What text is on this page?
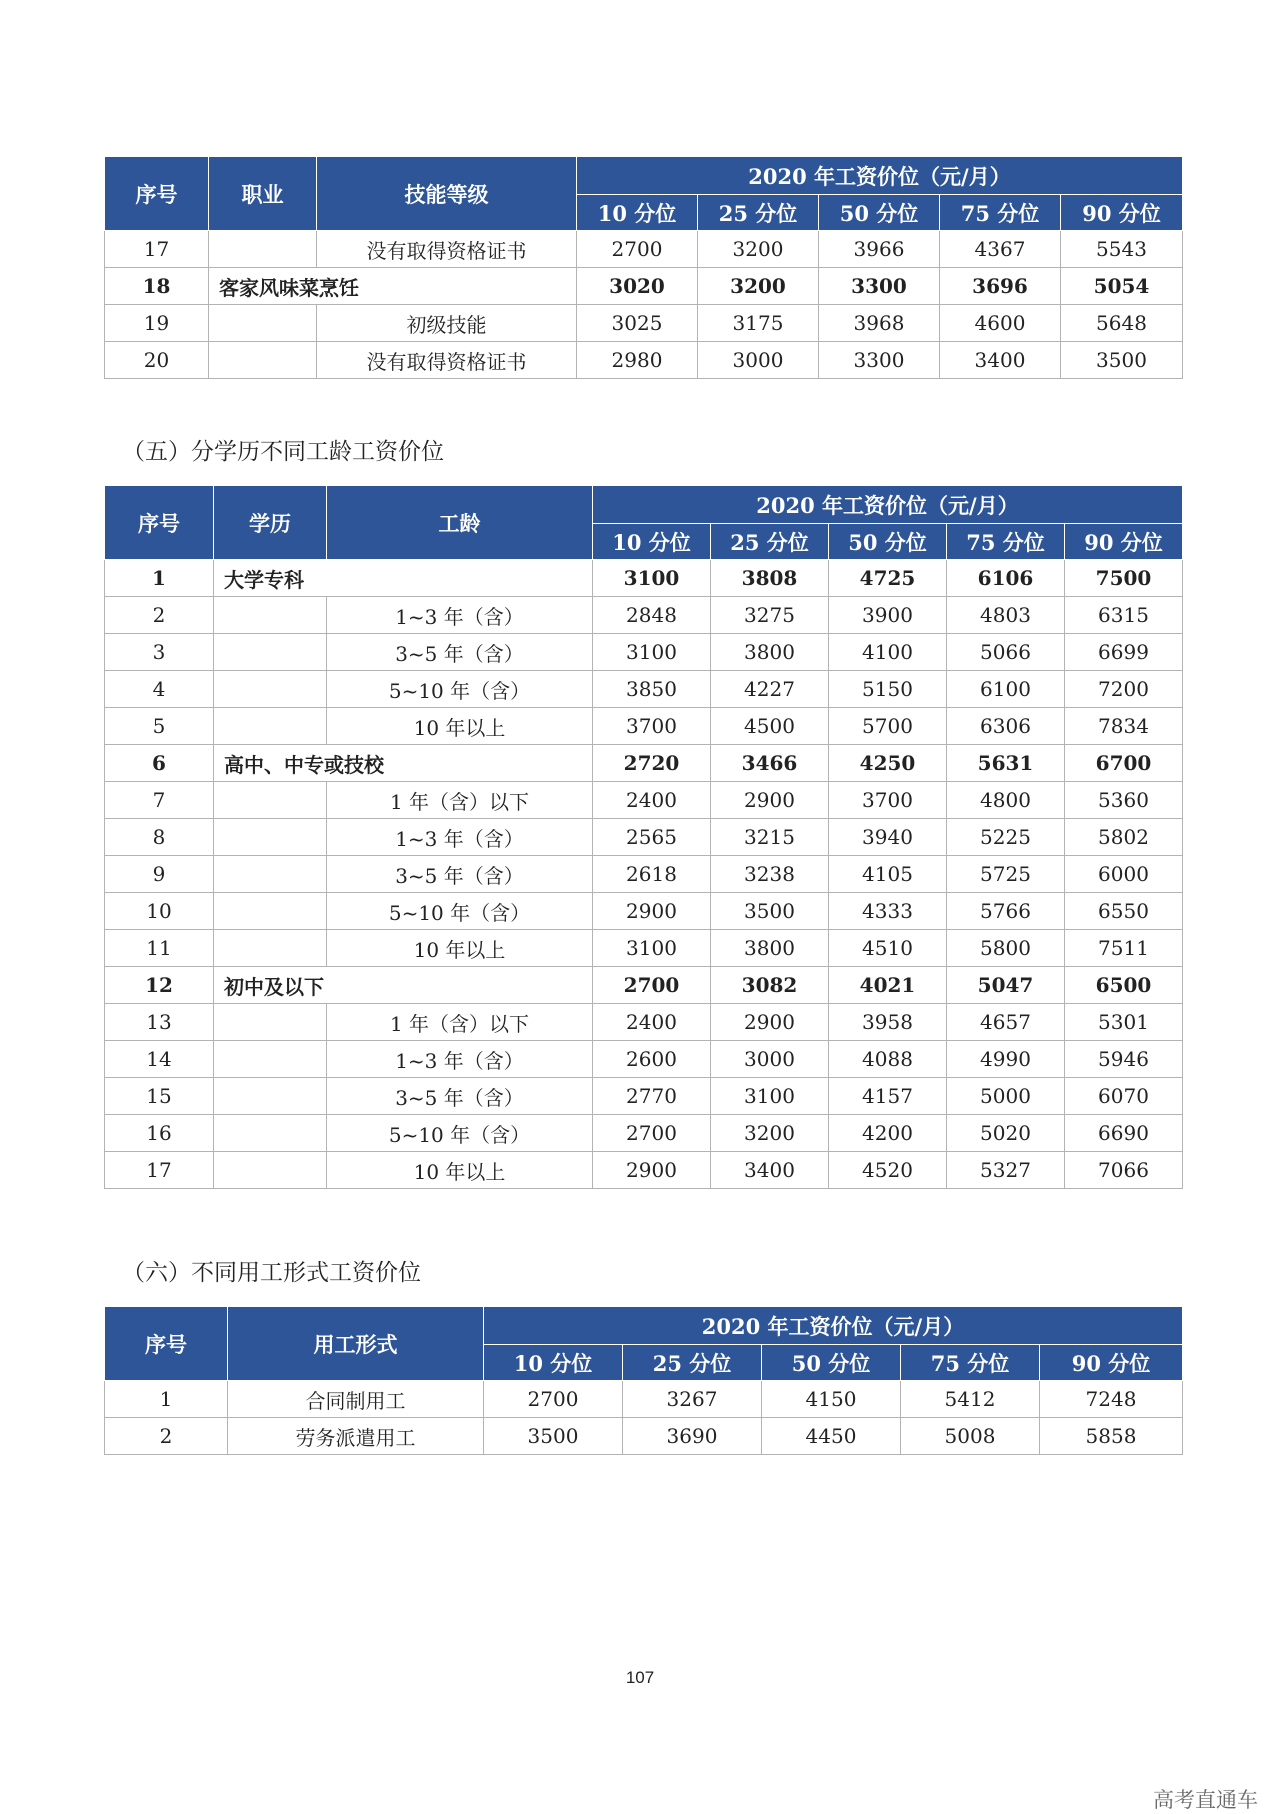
序号	职业	技能等级	2020 年工资价位（元/月）				
			10 分位	25 分位	50 分位	75 分位	90 分位
17		没有取得资格证书	2700	3200	3966	4367	5543
18	客家风味菜烹饪		3020	3200	3300	3696	5054
19		初级技能	3025	3175	3968	4600	5648
20		没有取得资格证书	2980	3000	3300	3400	3500
（五）分学历不同工龄工资价位
序号	学历	工龄	2020 年工资价位（元/月）				
			10 分位	25 分位	50 分位	75 分位	90 分位
1	大学专科		3100	3808	4725	6106	7500
2		1~3 年（含）	2848	3275	3900	4803	6315
3		3~5 年（含）	3100	3800	4100	5066	6699
4		5~10 年（含）	3850	4227	5150	6100	7200
5		10 年以上	3700	4500	5700	6306	7834
6	高中、中专或技校		2720	3466	4250	5631	6700
7		1 年（含）以下	2400	2900	3700	4800	5360
8		1~3 年（含）	2565	3215	3940	5225	5802
9		3~5 年（含）	2618	3238	4105	5725	6000
10		5~10 年（含）	2900	3500	4333	5766	6550
11		10 年以上	3100	3800	4510	5800	7511
12	初中及以下		2700	3082	4021	5047	6500
13		1 年（含）以下	2400	2900	3958	4657	5301
14		1~3 年（含）	2600	3000	4088	4990	5946
15		3~5 年（含）	2770	3100	4157	5000	6070
16		5~10 年（含）	2700	3200	4200	5020	6690
17		10 年以上	2900	3400	4520	5327	7066
（六）不同用工形式工资价位
序号	用工形式	2020 年工资价位（元/月）				
		10 分位	25 分位	50 分位	75 分位	90 分位
1	合同制用工	2700	3267	4150	5412	7248
2	劳务派遣用工	3500	3690	4450	5008	5858
107
高考直通车
